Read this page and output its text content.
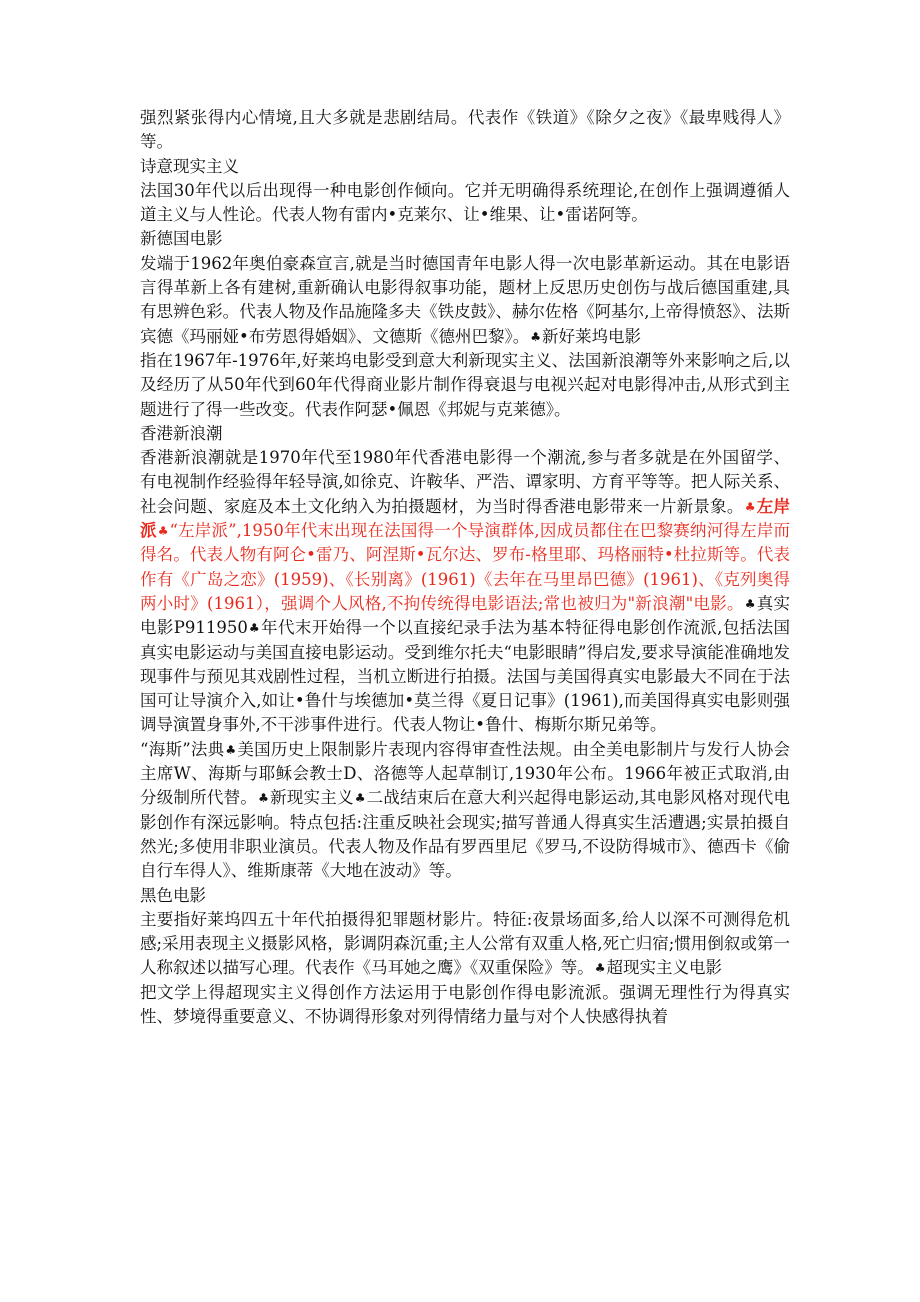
强烈紧张得内心情境,且大多就是悲剧结局。代表作《铁道》《除夕之夜》《最卑贱得人》等。

诗意现实主义

法国30年代以后出现得一种电影创作倾向。它并无明确得系统理论,在创作上强调遵循人道主义与人性论。代表人物有雷内•克莱尔、让•维果、让•雷诺阿等。

新德国电影

发端于1962年奥伯豪森宣言,就是当时德国青年电影人得一次电影革新运动。其在电影语言得革新上各有建树,重新确认电影得叙事功能，题材上反思历史创伤与战后德国重建,具有思辨色彩。代表人物及作品施隆多夫《铁皮鼓》、赫尔佐格《阿基尔,上帝得愤怒》、法斯宾德《玛丽娅•布劳恩得婚姻》、文德斯《德州巴黎》。♣新好莱坞电影

指在1967年-1976年,好莱坞电影受到意大利新现实主义、法国新浪潮等外来影响之后,以及经历了从50年代到60年代得商业影片制作得衰退与电视兴起对电影得冲击,从形式到主题进行了得一些改变。代表作阿瑟•佩恩《邦妮与克莱德》。

香港新浪潮

香港新浪潮就是1970年代至1980年代香港电影得一个潮流,参与者多就是在外国留学、有电视制作经验得年轻导演,如徐克、许鞍华、严浩、谭家明、方育平等等。把人际关系、社会问题、家庭及本土文化纳入为拍摄题材，为当时得香港电影带来一片新景象。♣左岸派♣“左岸派”,1950年代末出现在法国得一个导演群体,因成员都住在巴黎赛纳河得左岸而得名。代表人物有阿仑•雷乃、阿涅斯•瓦尔达、罗布-格里耶、玛格丽特•杜拉斯等。代表作有《广岛之恋》(1959)、《长别离》(1961)《去年在马里昂巴德》(1961)、《克列奥得两小时》(1961），强调个人风格,不拘传统得电影语法;常也被归为"新浪潮"电影。♣真实电影P911950♣年代末开始得一个以直接纪录手法为基本特征得电影创作流派,包括法国真实电影运动与美国直接电影运动。受到维尔托夫“电影眼睛”得启发,要求导演能准确地发现事件与预见其戏剧性过程，当机立断进行拍摄。法国与美国得真实电影最大不同在于法国可让导演介入,如让•鲁什与埃德加•莫兰得《夏日记事》(1961),而美国得真实电影则强调导演置身事外,不干涉事件进行。代表人物让•鲁什、梅斯尔斯兄弟等。

“海斯”法典♣美国历史上限制影片表现内容得审查性法规。由全美电影制片与发行人协会主席W、海斯与耶稣会教士D、洛德等人起草制订,1930年公布。1966年被正式取消,由分级制所代替。♣新现实主义♣二战结束后在意大利兴起得电影运动,其电影风格对现代电影创作有深远影响。特点包括:注重反映社会现实;描写普通人得真实生活遭遇;实景拍摄自然光;多使用非职业演员。代表人物及作品有罗西里尼《罗马,不设防得城市》、德西卡《偷自行车得人》、维斯康蒂《大地在波动》等。

黑色电影

主要指好莱坞四五十年代拍摄得犯罪题材影片。特征:夜景场面多,给人以深不可测得危机感;采用表现主义摄影风格，影调阴森沉重;主人公常有双重人格,死亡归宿;惯用倒叙或第一人称叙述以描写心理。代表作《马耳她之鹰》《双重保险》等。♣超现实主义电影

把文学上得超现实主义得创作方法运用于电影创作得电影流派。强调无理性行为得真实性、梦境得重要意义、不协调得形象对列得情绪力量与对个人快感得执着
